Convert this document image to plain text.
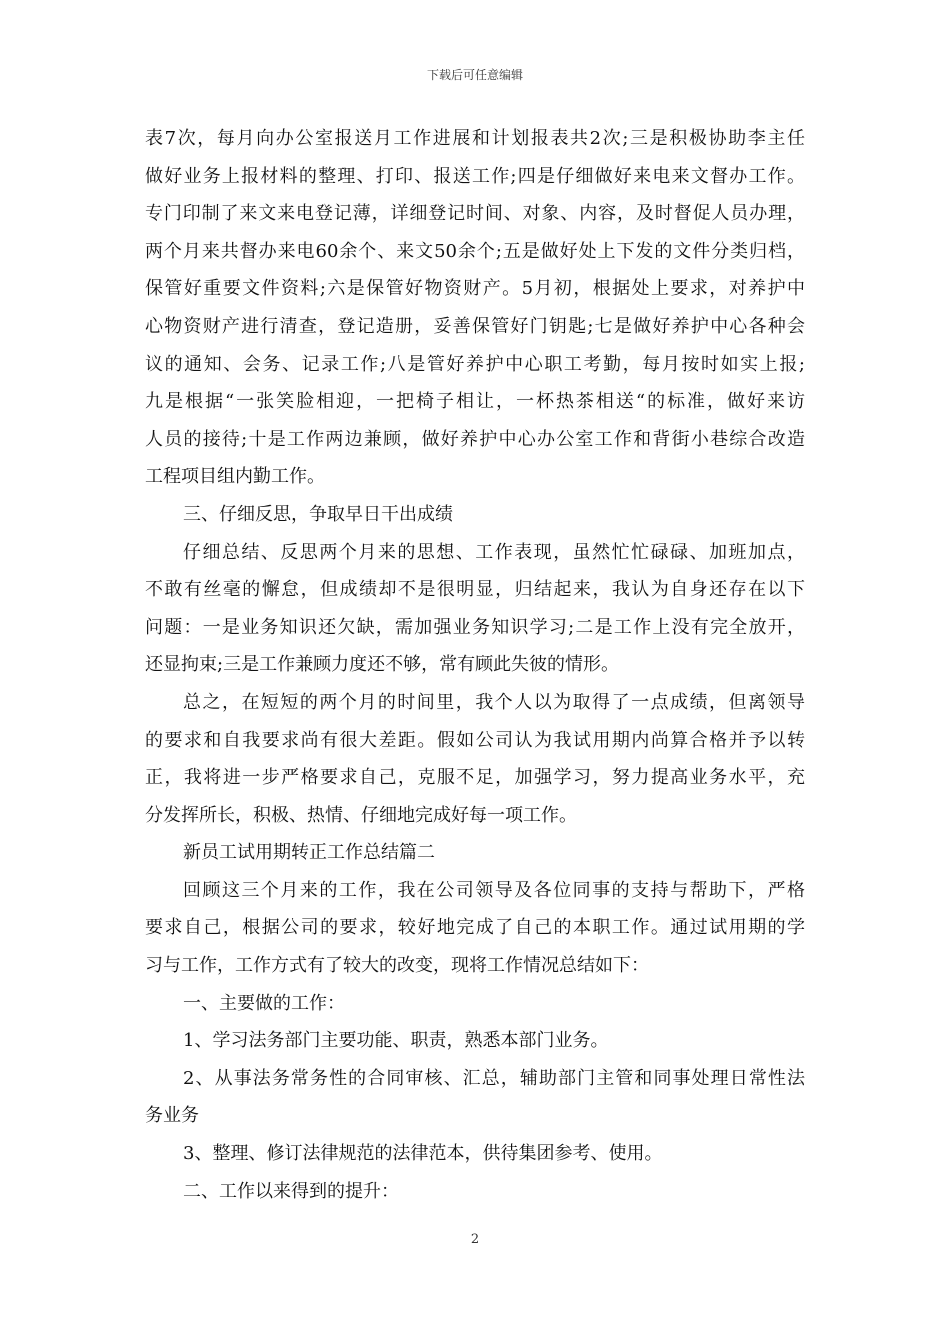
下载后可任意编辑
表7次，每月向办公室报送月工作进展和计划报表共2次;三是积极协助李主任
做好业务上报材料的整理、打印、报送工作;四是仔细做好来电来文督办工作。
专门印制了来文来电登记薄，详细登记时间、对象、内容，及时督促人员办理，
两个月来共督办来电60余个、来文50余个;五是做好处上下发的文件分类归档，
保管好重要文件资料;六是保管好物资财产。5月初，根据处上要求，对养护中
心物资财产进行清查，登记造册，妥善保管好门钥匙;七是做好养护中心各种会
议的通知、会务、记录工作;八是管好养护中心职工考勤，每月按时如实上报;
九是根据“一张笑脸相迎，一把椅子相让，一杯热茶相送“的标准，做好来访
人员的接待;十是工作两边兼顾，做好养护中心办公室工作和背街小巷综合改造
工程项目组内勤工作。
三、仔细反思，争取早日干出成绩
仔细总结、反思两个月来的思想、工作表现，虽然忙忙碌碌、加班加点，
不敢有丝毫的懈怠，但成绩却不是很明显，归结起来，我认为自身还存在以下
问题：一是业务知识还欠缺，需加强业务知识学习;二是工作上没有完全放开，
还显拘束;三是工作兼顾力度还不够，常有顾此失彼的情形。
总之，在短短的两个月的时间里，我个人以为取得了一点成绩，但离领导
的要求和自我要求尚有很大差距。假如公司认为我试用期内尚算合格并予以转
正，我将进一步严格要求自己，克服不足，加强学习，努力提高业务水平，充
分发挥所长，积极、热情、仔细地完成好每一项工作。
新员工试用期转正工作总结篇二
回顾这三个月来的工作，我在公司领导及各位同事的支持与帮助下，严格
要求自己，根据公司的要求，较好地完成了自己的本职工作。通过试用期的学
习与工作，工作方式有了较大的改变，现将工作情况总结如下：
一、主要做的工作：
1、学习法务部门主要功能、职责，熟悉本部门业务。
2、从事法务常务性的合同审核、汇总，辅助部门主管和同事处理日常性法
务业务
3、整理、修订法律规范的法律范本，供待集团参考、使用。
二、工作以来得到的提升：
2
